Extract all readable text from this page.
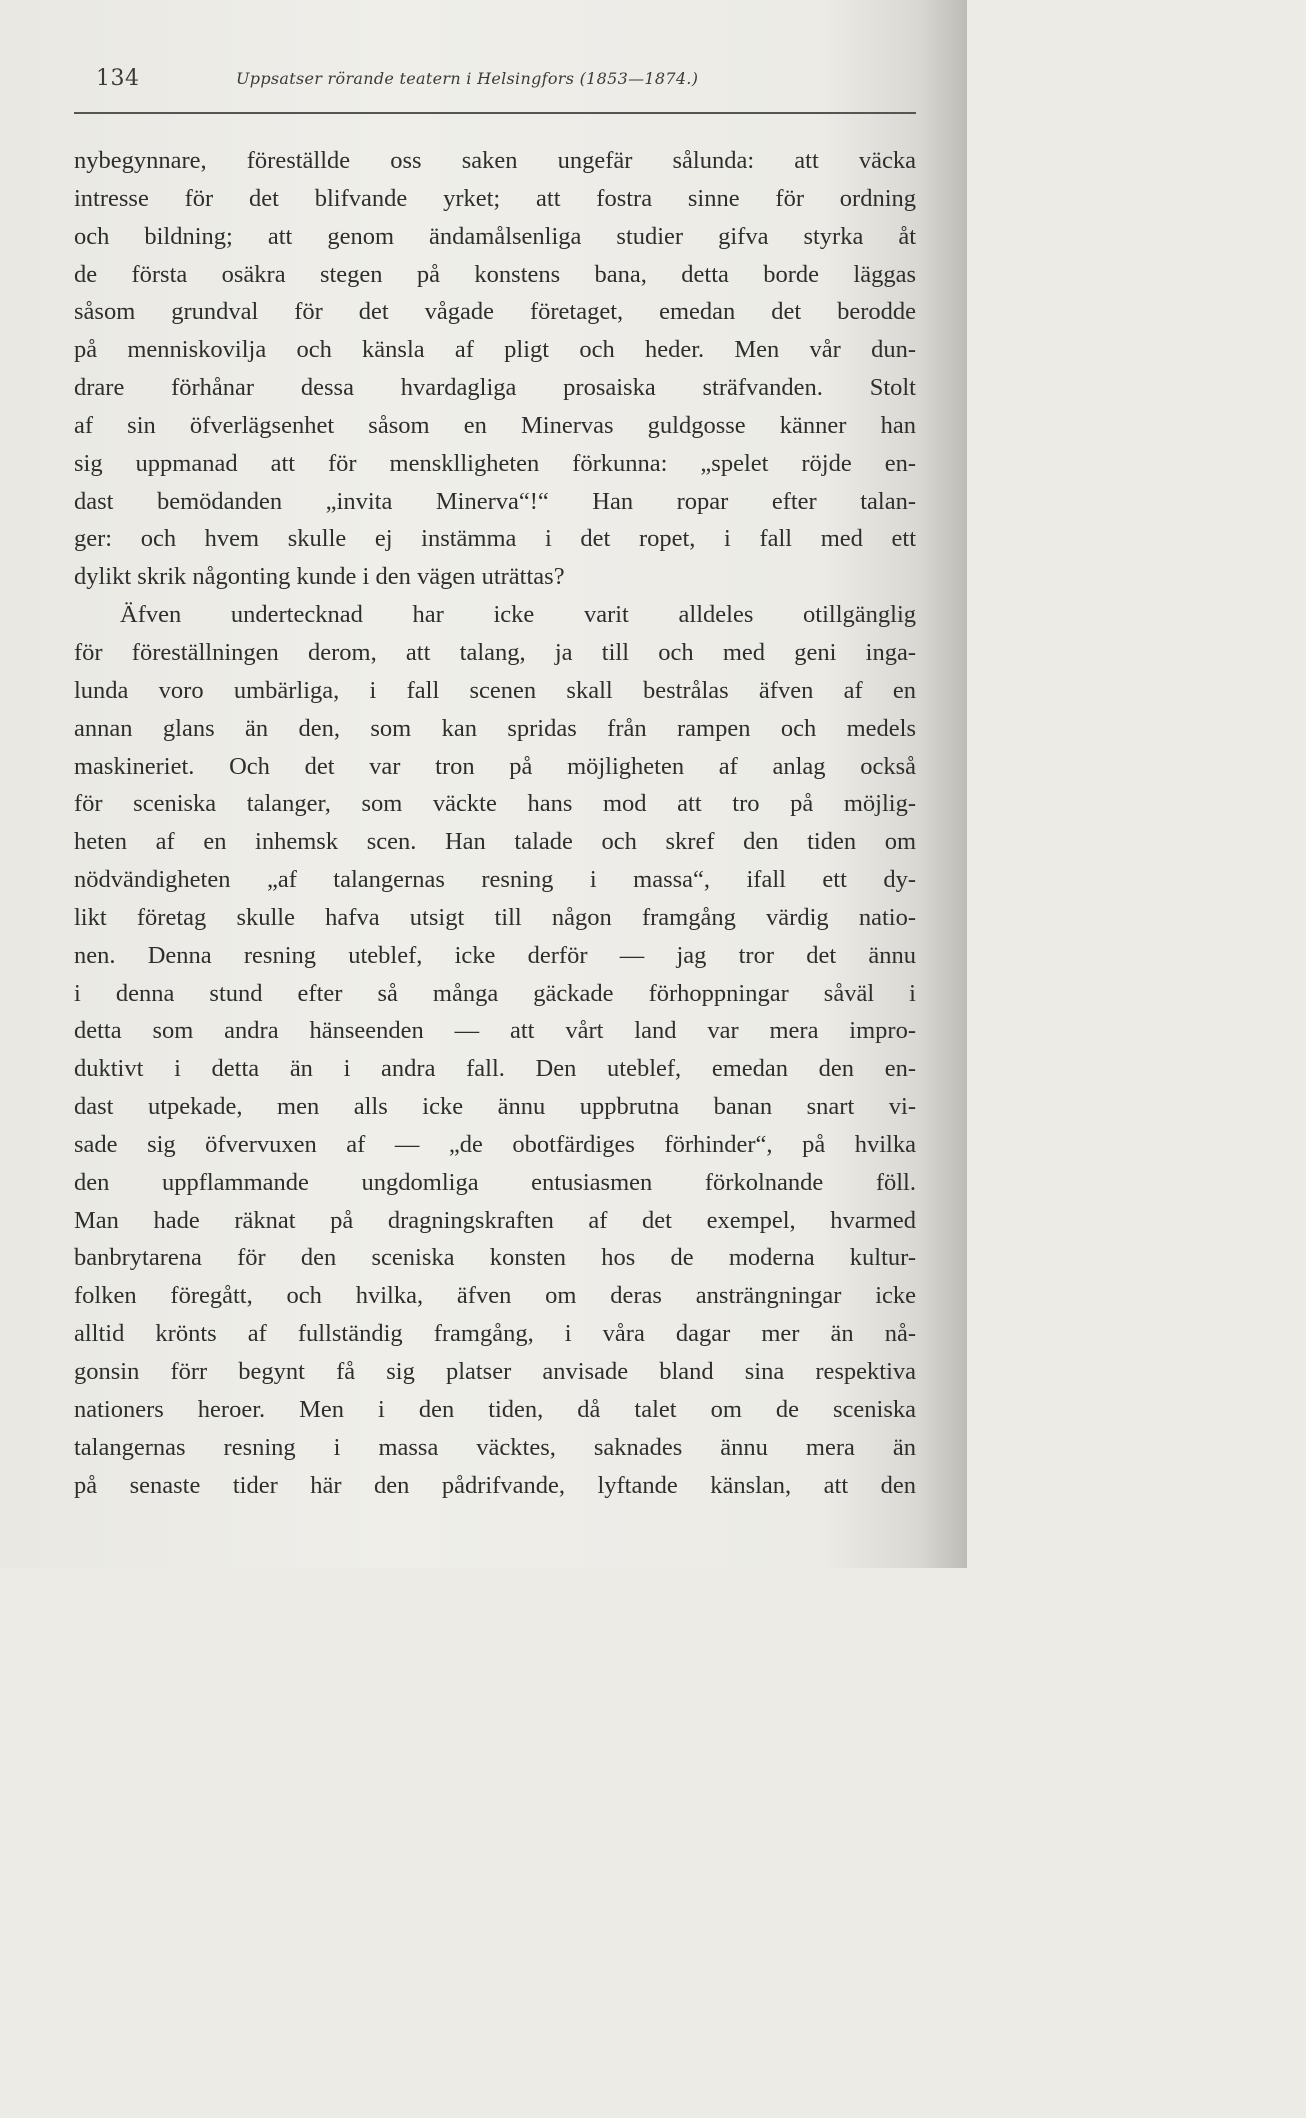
134	Uppsatser rörande teatern i Helsingfors (1853—1874.)
nybegynnare, föreställde oss saken ungefär sålunda: att väcka
intresse för det blifvande yrket; att fostra sinne för ordning
och bildning; att genom ändamålsenliga studier gifva styrka åt
de första osäkra stegen på konstens bana, detta borde läggas
såsom grundval för det vågade företaget, emedan det berodde
på menniskovilja och känsla af pligt och heder. Men vår dun-
drare förhånar dessa hvardagliga prosaiska sträfvanden. Stolt
af sin öfverlägsenhet såsom en Minervas guldgosse känner han
sig uppmanad att för mensklligheten förkunna: „spelet röjde en-
dast bemödanden „invita Minerva“!“ Han ropar efter talan-
ger: och hvem skulle ej instämma i det ropet, i fall med ett
dylikt skrik någonting kunde i den vägen uträttas?
Äfven undertecknad har icke varit alldeles otillgänglig
för föreställningen derom, att talang, ja till och med geni inga-
lunda voro umbärliga, i fall scenen skall bestrålas äfven af en
annan glans än den, som kan spridas från rampen och medels
maskineriet. Och det var tron på möjligheten af anlag också
för sceniska talanger, som väckte hans mod att tro på möjlig-
heten af en inhemsk scen. Han talade och skref den tiden om
nödvändigheten „af talangernas resning i massa“, ifall ett dy-
likt företag skulle hafva utsigt till någon framgång värdig natio-
nen. Denna resning uteblef, icke derför — jag tror det ännu
i denna stund efter så många gäckade förhoppningar såväl i
detta som andra hänseenden — att vårt land var mera impro-
duktivt i detta än i andra fall. Den uteblef, emedan den en-
dast utpekade, men alls icke ännu uppbrutna banan snart vi-
sade sig öfvervuxen af — „de obotfärdiges förhinder“, på hvilka
den uppflammande ungdomliga entusiasmen förkolnande föll.
Man hade räknat på dragningskraften af det exempel, hvarmed
banbrytarena för den sceniska konsten hos de moderna kultur-
folken föregått, och hvilka, äfven om deras ansträngningar icke
alltid krönts af fullständig framgång, i våra dagar mer än nå-
gonsin förr begynt få sig platser anvisade bland sina respektiva
nationers heroer. Men i den tiden, då talet om de sceniska
talangernas resning i massa väcktes, saknades ännu mera än
på senaste tider här den pådrifvande, lyftande känslan, att den
